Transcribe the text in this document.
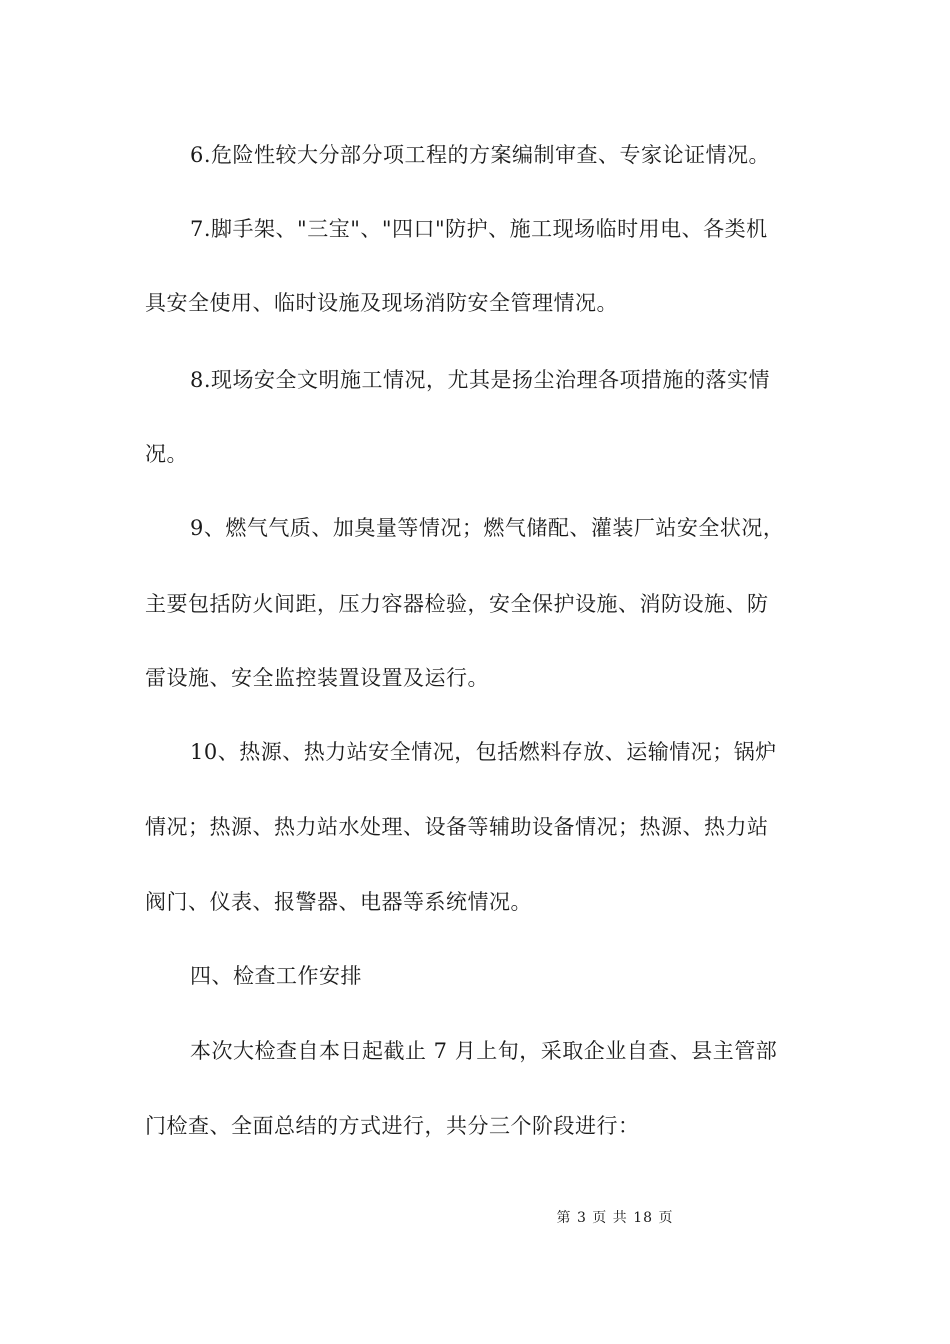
6.危险性较大分部分项工程的方案编制审查、专家论证情况。
7.脚手架、"三宝"、"四口"防护、施工现场临时用电、各类机
具安全使用、临时设施及现场消防安全管理情况。
8.现场安全文明施工情况，尤其是扬尘治理各项措施的落实情
况。
9、燃气气质、加臭量等情况；燃气储配、灌装厂站安全状况，
主要包括防火间距，压力容器检验，安全保护设施、消防设施、防
雷设施、安全监控装置设置及运行。
10、热源、热力站安全情况，包括燃料存放、运输情况；锅炉
情况；热源、热力站水处理、设备等辅助设备情况；热源、热力站
阀门、仪表、报警器、电器等系统情况。
四、检查工作安排
本次大检查自本日起截止 7 月上旬，采取企业自查、县主管部
门检查、全面总结的方式进行，共分三个阶段进行：
第 3 页 共 18 页
